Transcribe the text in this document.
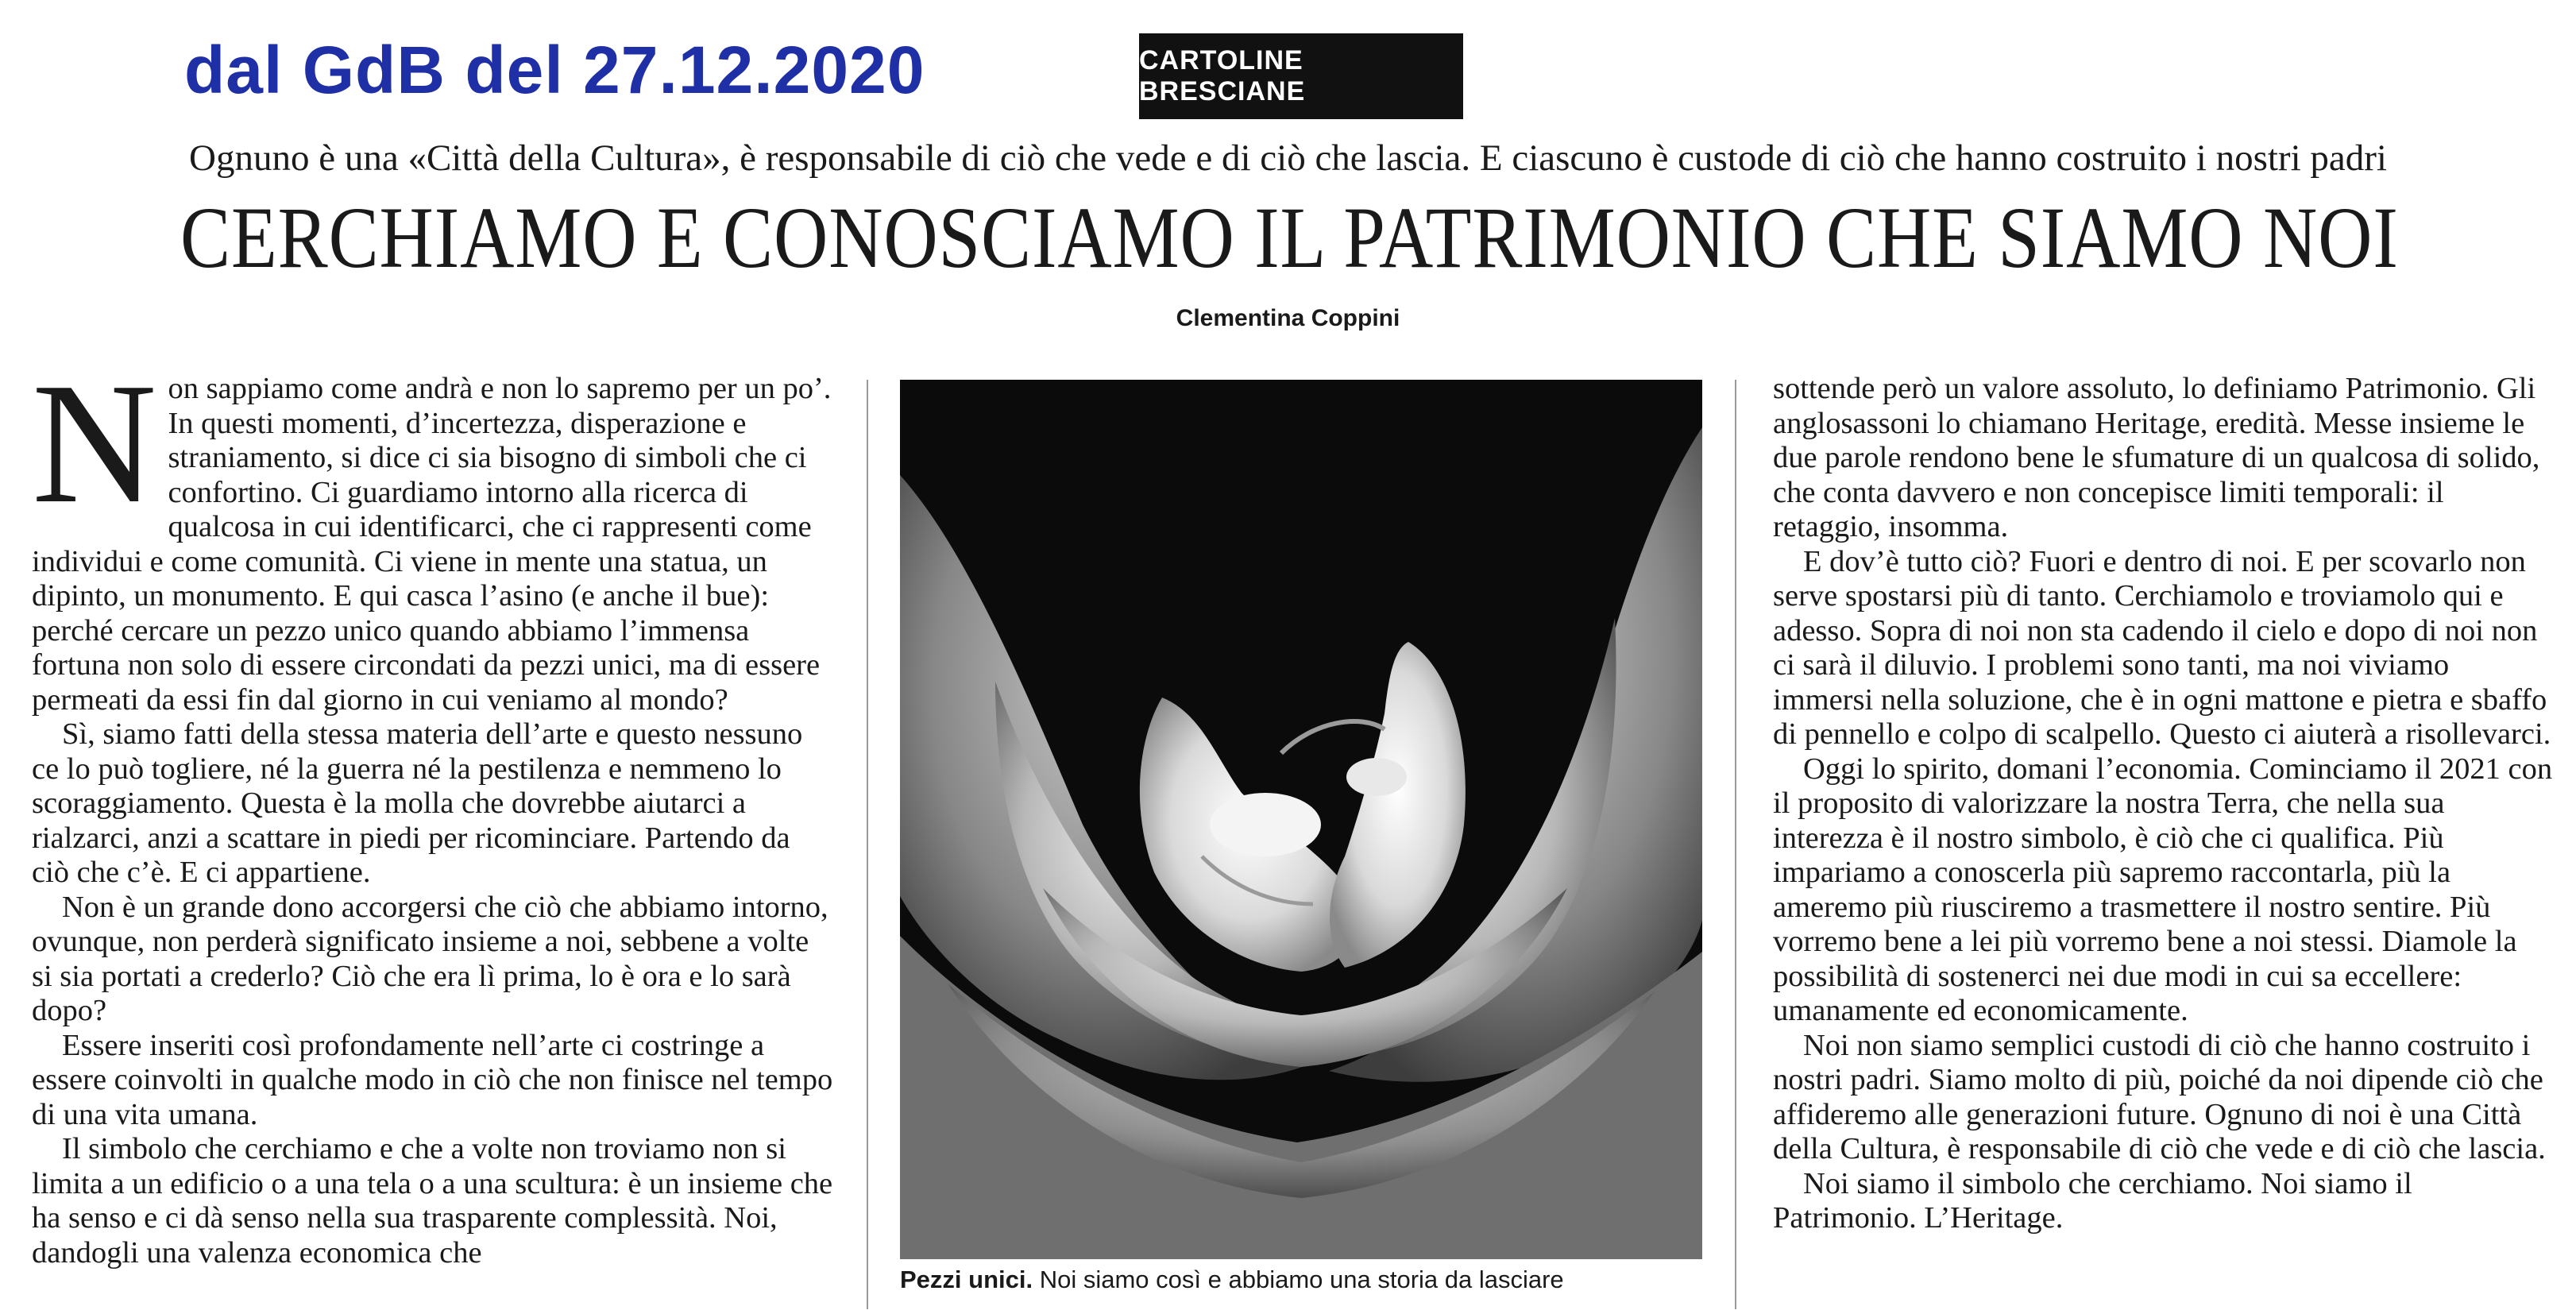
dal GdB del 27.12.2020	CARTOLINE BRESCIANE
Ognuno è una «Città della Cultura», è responsabile di ciò che vede e di ciò che lascia. E ciascuno è custode di ciò che hanno costruito i nostri padri
CERCHIAMO E CONOSCIAMO IL PATRIMONIO CHE SIAMO NOI
Clementina Coppini

Non sappiamo come andrà e non lo sapremo per un po’. In questi momenti, d’incertezza, disperazione e straniamento, si dice ci sia bisogno di simboli che ci confortino. Ci guardiamo intorno alla ricerca di qualcosa in cui identificarci, che ci rappresenti come individui e come comunità. Ci viene in mente una statua, un dipinto, un monumento. E qui casca l’asino (e anche il bue): perché cercare un pezzo unico quando abbiamo l’immensa fortuna non solo di essere circondati da pezzi unici, ma di essere permeati da essi fin dal giorno in cui veniamo al mondo?

Sì, siamo fatti della stessa materia dell’arte e questo nessuno ce lo può togliere, né la guerra né la pestilenza e nemmeno lo scoraggiamento. Questa è la molla che dovrebbe aiutarci a rialzarci, anzi a scattare in piedi per ricominciare. Partendo da ciò che c’è. E ci appartiene.

Non è un grande dono accorgersi che ciò che abbiamo intorno, ovunque, non perderà significato insieme a noi, sebbene a volte si sia portati a crederlo? Ciò che era lì prima, lo è ora e lo sarà dopo?

Essere inseriti così profondamente nell’arte ci costringe a essere coinvolti in qualche modo in ciò che non finisce nel tempo di una vita umana.

Il simbolo che cerchiamo e che a volte non troviamo non si limita a un edificio o a una tela o a una scultura: è un insieme che ha senso e ci dà senso nella sua trasparente complessità. Noi, dandogli una valenza economica che

Pezzi unici. Noi siamo così e abbiamo una storia da lasciare

sottende però un valore assoluto, lo definiamo Patrimonio. Gli anglosassoni lo chiamano Heritage, eredità. Messe insieme le due parole rendono bene le sfumature di un qualcosa di solido, che conta davvero e non concepisce limiti temporali: il retaggio, insomma.

E dov’è tutto ciò? Fuori e dentro di noi. E per scovarlo non serve spostarsi più di tanto. Cerchiamolo e troviamolo qui e adesso. Sopra di noi non sta cadendo il cielo e dopo di noi non ci sarà il diluvio. I problemi sono tanti, ma noi viviamo immersi nella soluzione, che è in ogni mattone e pietra e sbaffo di pennello e colpo di scalpello. Questo ci aiuterà a risollevarci.

Oggi lo spirito, domani l’economia. Cominciamo il 2021 con il proposito di valorizzare la nostra Terra, che nella sua interezza è il nostro simbolo, è ciò che ci qualifica. Più impariamo a conoscerla più sapremo raccontarla, più la ameremo più riusciremo a trasmettere il nostro sentire. Più vorremo bene a lei più vorremo bene a noi stessi. Diamole la possibilità di sostenerci nei due modi in cui sa eccellere: umanamente ed economicamente.

Noi non siamo semplici custodi di ciò che hanno costruito i nostri padri. Siamo molto di più, poiché da noi dipende ciò che affideremo alle generazioni future. Ognuno di noi è una Città della Cultura, è responsabile di ciò che vede e di ciò che lascia.

Noi siamo il simbolo che cerchiamo. Noi siamo il Patrimonio. L’Heritage.
